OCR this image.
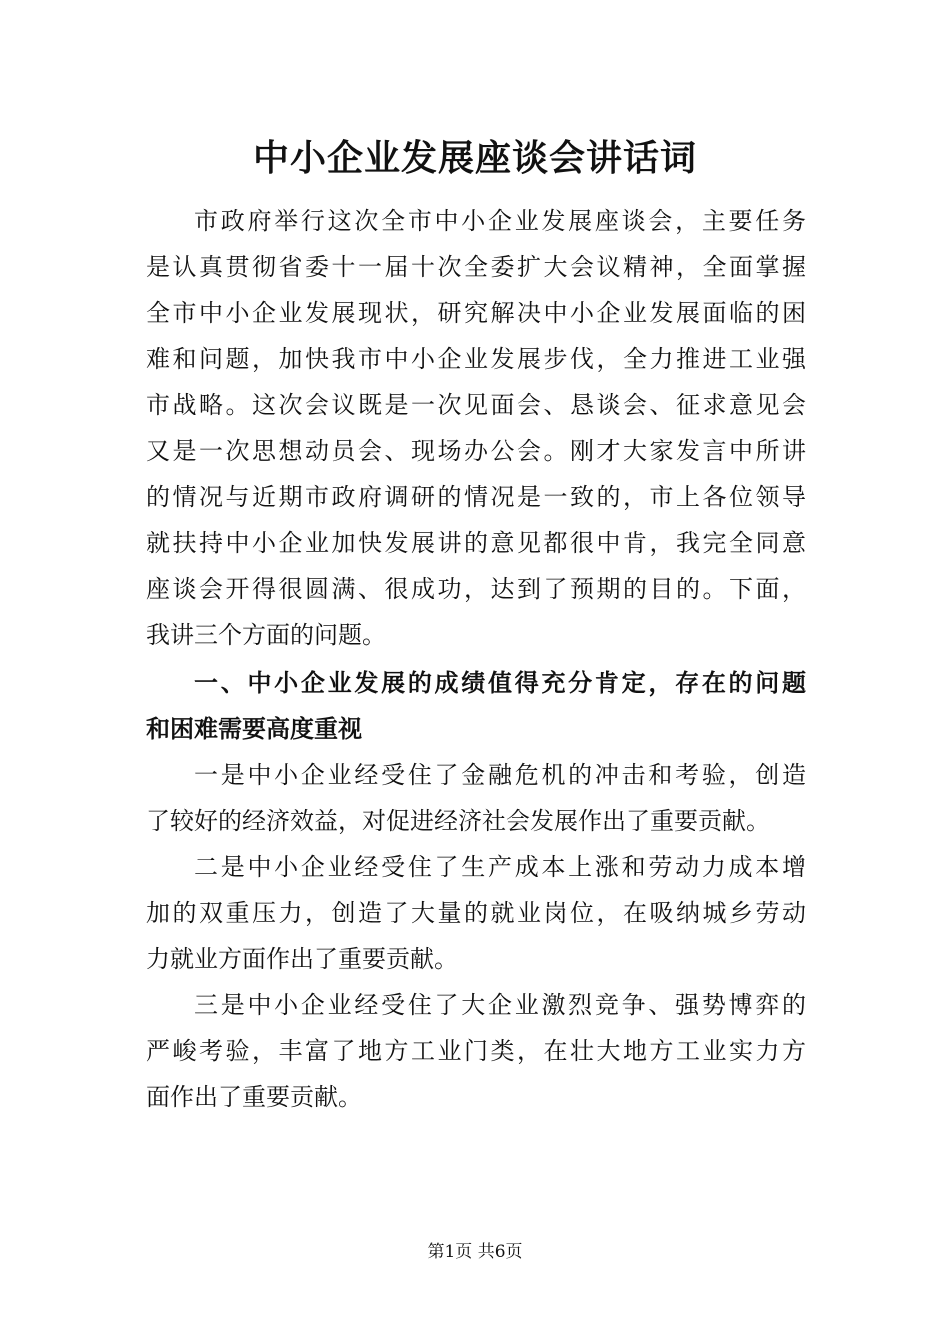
中小企业发展座谈会讲话词
市政府举行这次全市中小企业发展座谈会，主要任务
是认真贯彻省委十一届十次全委扩大会议精神，全面掌握
全市中小企业发展现状，研究解决中小企业发展面临的困
难和问题，加快我市中小企业发展步伐，全力推进工业强
市战略。这次会议既是一次见面会、恳谈会、征求意见会
又是一次思想动员会、现场办公会。刚才大家发言中所讲
的情况与近期市政府调研的情况是一致的，市上各位领导
就扶持中小企业加快发展讲的意见都很中肯，我完全同意
座谈会开得很圆满、很成功，达到了预期的目的。下面，
我讲三个方面的问题。
一、中小企业发展的成绩值得充分肯定，存在的问题
和困难需要高度重视
一是中小企业经受住了金融危机的冲击和考验，创造
了较好的经济效益，对促进经济社会发展作出了重要贡献。
二是中小企业经受住了生产成本上涨和劳动力成本增
加的双重压力，创造了大量的就业岗位，在吸纳城乡劳动
力就业方面作出了重要贡献。
三是中小企业经受住了大企业激烈竞争、强势博弈的
严峻考验，丰富了地方工业门类，在壮大地方工业实力方
面作出了重要贡献。
第1页 共6页
